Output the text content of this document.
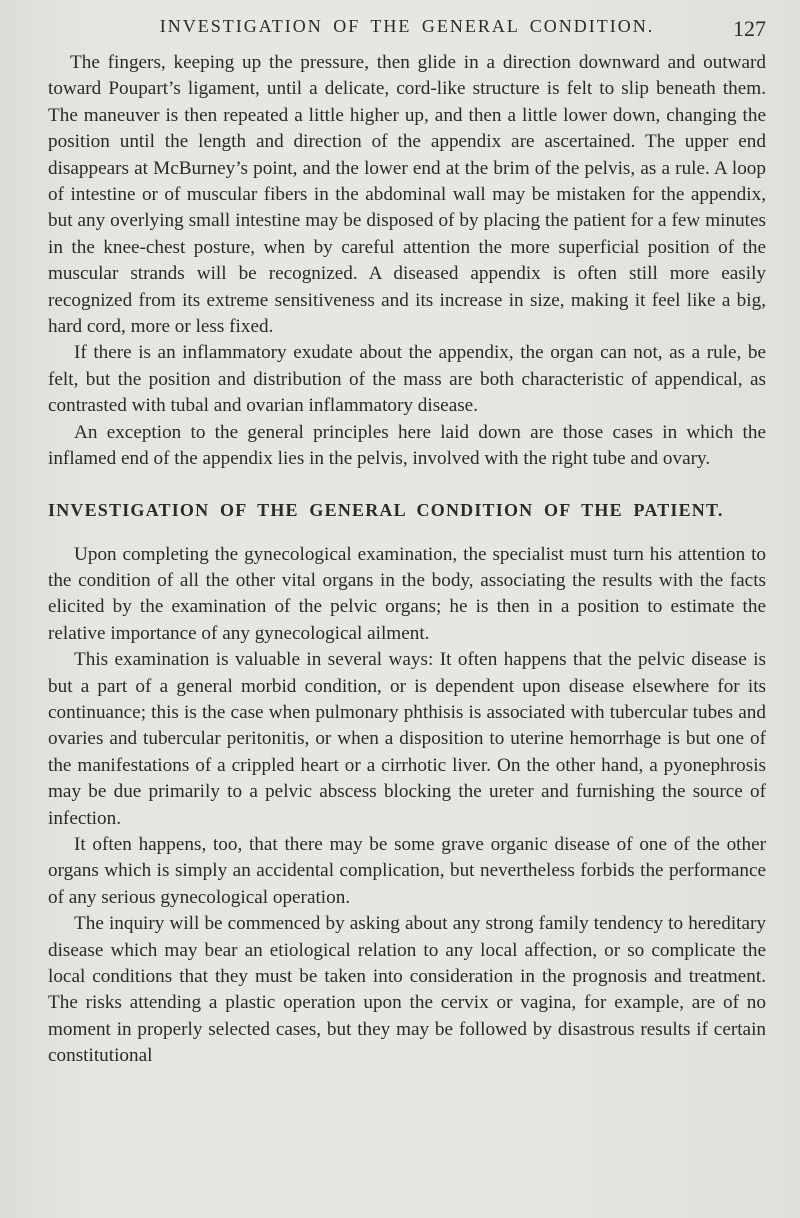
INVESTIGATION OF THE GENERAL CONDITION.	127

The fingers, keeping up the pressure, then glide in a direction downward and outward toward Poupart’s ligament, until a delicate, cord-like structure is felt to slip beneath them. The maneuver is then repeated a little higher up, and then a little lower down, changing the position until the length and direction of the appendix are ascertained. The upper end disappears at McBurney’s point, and the lower end at the brim of the pelvis, as a rule. A loop of intestine or of muscular fibers in the abdominal wall may be mistaken for the appendix, but any overlying small intestine may be disposed of by placing the patient for a few minutes in the knee-chest posture, when by careful attention the more superficial position of the muscular strands will be recognized. A diseased appendix is often still more easily recognized from its extreme sensitiveness and its increase in size, making it feel like a big, hard cord, more or less fixed.

If there is an inflammatory exudate about the appendix, the organ can not, as a rule, be felt, but the position and distribution of the mass are both characteristic of appendical, as contrasted with tubal and ovarian inflammatory disease.

An exception to the general principles here laid down are those cases in which the inflamed end of the appendix lies in the pelvis, involved with the right tube and ovary.

INVESTIGATION OF THE GENERAL CONDITION OF THE PATIENT.

Upon completing the gynecological examination, the specialist must turn his attention to the condition of all the other vital organs in the body, associating the results with the facts elicited by the examination of the pelvic organs; he is then in a position to estimate the relative importance of any gynecological ailment.

This examination is valuable in several ways: It often happens that the pelvic disease is but a part of a general morbid condition, or is dependent upon disease elsewhere for its continuance; this is the case when pulmonary phthisis is associated with tubercular tubes and ovaries and tubercular peritonitis, or when a disposition to uterine hemorrhage is but one of the manifestations of a crippled heart or a cirrhotic liver. On the other hand, a pyonephrosis may be due primarily to a pelvic abscess blocking the ureter and furnishing the source of infection.

It often happens, too, that there may be some grave organic disease of one of the other organs which is simply an accidental complication, but nevertheless forbids the performance of any serious gynecological operation.

The inquiry will be commenced by asking about any strong family tendency to hereditary disease which may bear an etiological relation to any local affection, or so complicate the local conditions that they must be taken into consideration in the prognosis and treatment. The risks attending a plastic operation upon the cervix or vagina, for example, are of no moment in properly selected cases, but they may be followed by disastrous results if certain constitutional
